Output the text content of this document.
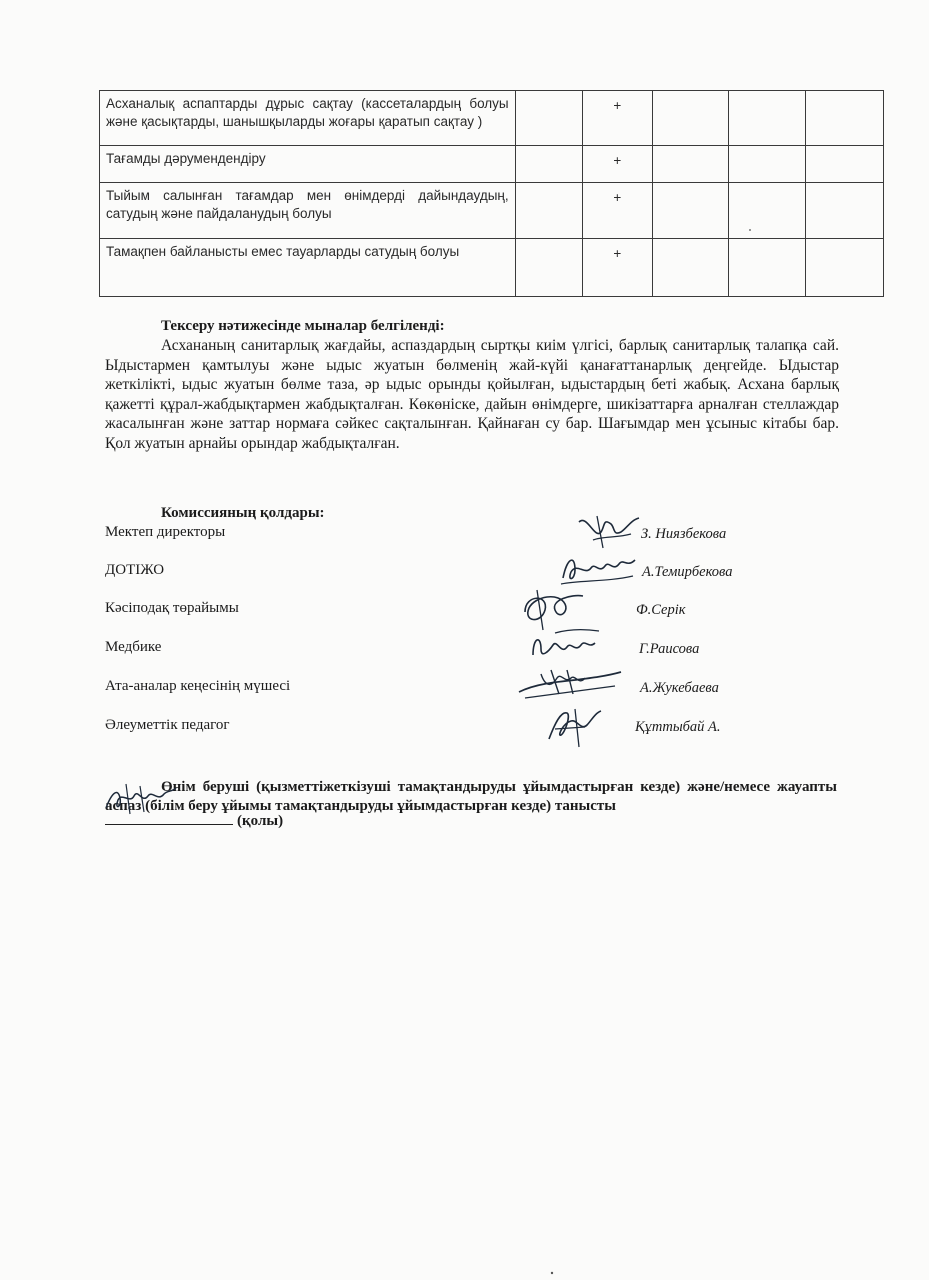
Асханалық аспаптарды дұрыс сақтау (кассеталардың болуы және қасықтарды, шанышқыларды жоғары қаратып сақтау )		+			
Тағамды дәрумендендіру		+			
Тыйым салынған тағамдар мен өнімдерді дайындаудың, сатудың және пайдаланудың болуы		+			
Тамақпен байланысты емес тауарларды сатудың болуы		+			
Тексеру нәтижесінде мыналар белгіленді:
Асхананың санитарлық жағдайы, аспаздардың сыртқы киім үлгісі, барлық санитарлық талапқа сай. Ыдыстармен қамтылуы және ыдыс жуатын бөлменің жай-күйі қанағаттанарлық деңгейде. Ыдыстар жеткілікті, ыдыс жуатын бөлме таза, әр ыдыс орынды қойылған, ыдыстардың беті жабық. Асхана барлық қажетті құрал-жабдықтармен жабдықталған. Көкөніске, дайын өнімдерге, шикізаттарға арналған стеллаждар жасалынған және заттар нормаға сәйкес сақталынған. Қайнаған су бар. Шағымдар мен ұсыныс кітабы бар. Қол жуатын арнайы орындар жабдықталған.
Комиссияның қолдары:
Мектеп директоры	З. Ниязбекова
ДОТІЖО	А.Темирбекова
Кәсіподақ төрайымы	Ф.Серік
Медбике	Г.Раисова
Ата-аналар кеңесінің мүшесі	А.Жукебаева
Әлеуметтік педагог	Құттыбай А.
Өнім беруші (қызметтіжеткізуші тамақтандыруды ұйымдастырған кезде) және/немесе жауапты аспаз (білім беру ұйымы тамақтандыруды ұйымдастырған кезде) танысты
(қолы)
